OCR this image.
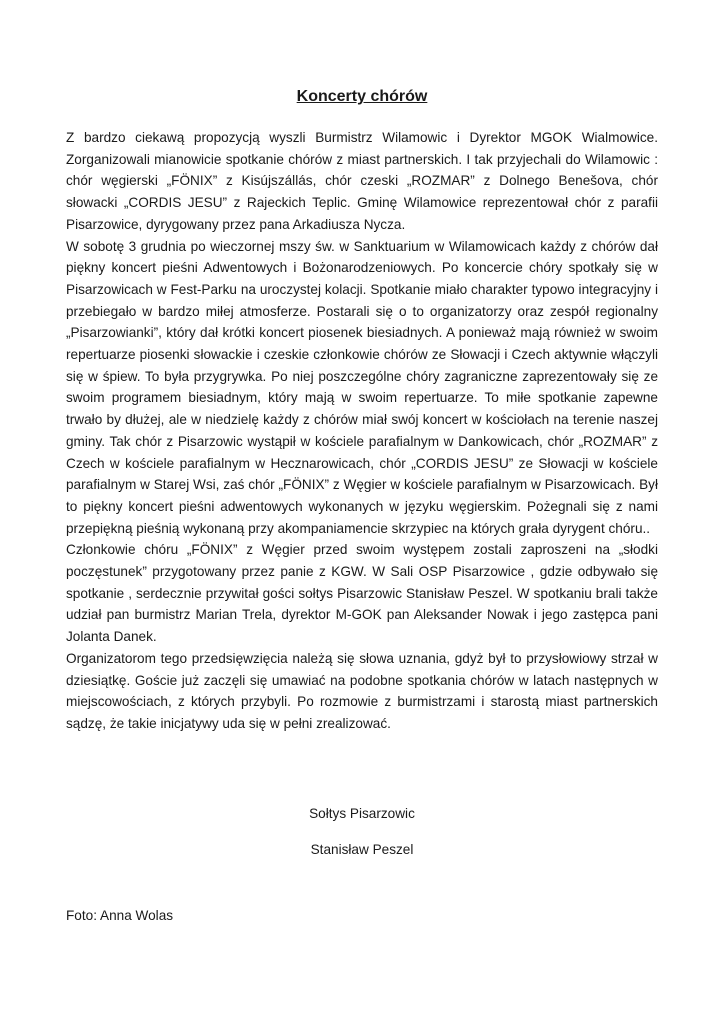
Koncerty chórów

Z bardzo ciekawą propozycją wyszli Burmistrz Wilamowic i Dyrektor MGOK Wialmowice. Zorganizowali mianowicie spotkanie chórów z miast partnerskich. I tak przyjechali do Wilamowic : chór węgierski „FÖNIX” z Kisújszállás, chór czeski „ROZMAR” z Dolnego Benešova, chór słowacki „CORDIS JESU” z Rajeckich Teplic. Gminę Wilamowice reprezentował chór z parafii Pisarzowice, dyrygowany przez pana Arkadiusza Nycza.

W sobotę 3 grudnia po wieczornej mszy św. w Sanktuarium w Wilamowicach każdy z chórów dał piękny koncert pieśni Adwentowych i Bożonarodzeniowych. Po koncercie chóry spotkały się w Pisarzowicach w Fest-Parku na uroczystej kolacji. Spotkanie miało charakter typowo integracyjny i przebiegało w bardzo miłej atmosferze. Postarali się o to organizatorzy oraz zespół regionalny „Pisarzowianki”, który dał krótki koncert piosenek biesiadnych. A ponieważ mają również w swoim repertuarze piosenki słowackie i czeskie członkowie chórów ze Słowacji i Czech aktywnie włączyli się w śpiew. To była przygrywka. Po niej poszczególne chóry zagraniczne zaprezentowały się ze swoim programem biesiadnym, który mają w swoim repertuarze. To miłe spotkanie zapewne trwało by dłużej, ale w niedzielę każdy z chórów miał swój koncert w kościołach na terenie naszej gminy. Tak chór z Pisarzowic wystąpił w kościele parafialnym w Dankowicach, chór „ROZMAR” z Czech w kościele parafialnym w Hecznarowicach, chór „CORDIS JESU” ze Słowacji w kościele parafialnym w Starej Wsi, zaś chór „FÖNIX” z Węgier w kościele parafialnym w Pisarzowicach. Był to piękny koncert pieśni adwentowych wykonanych w języku węgierskim. Pożegnali się z nami przepiękną pieśnią wykonaną przy akompaniamencie skrzypiec na których grała dyrygent chóru..

Członkowie chóru „FÖNIX” z Węgier przed swoim występem zostali zaproszeni na „słodki poczęstunek” przygotowany przez panie z KGW. W Sali OSP Pisarzowice , gdzie odbywało się spotkanie , serdecznie przywitał gości sołtys Pisarzowic Stanisław Peszel. W spotkaniu brali także udział pan burmistrz Marian Trela, dyrektor M-GOK pan Aleksander Nowak i jego zastępca pani Jolanta Danek.

Organizatorom tego przedsięwzięcia należą się słowa uznania, gdyż był to przysłowiowy strzał w dziesiątkę. Goście już zaczęli się umawiać na podobne spotkania chórów w latach następnych w miejscowościach, z których przybyli. Po rozmowie z burmistrzami i starostą miast partnerskich sądzę, że takie inicjatywy uda się w pełni zrealizować.

Sołtys Pisarzowic

Stanisław Peszel

Foto: Anna Wolas
